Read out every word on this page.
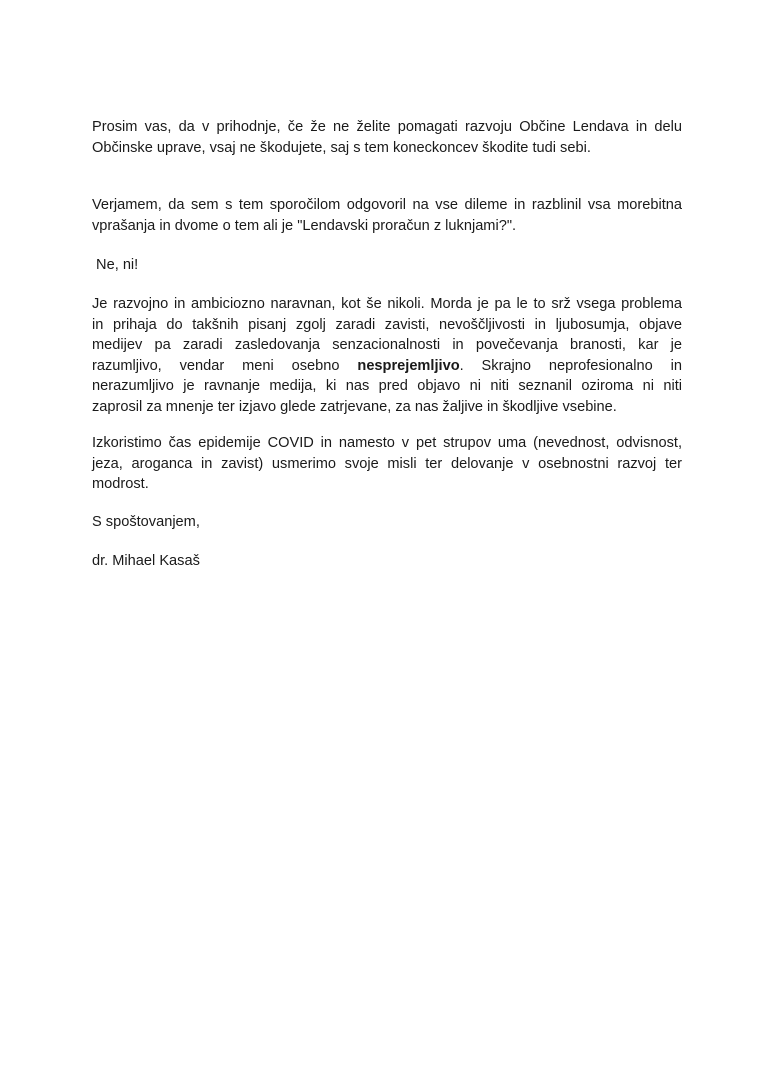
Prosim vas, da v prihodnje, če že ne želite pomagati razvoju Občine Lendava in delu
Občinske uprave, vsaj ne škodujete, saj s tem koneckoncev škodite tudi sebi.

Verjamem, da sem s tem sporočilom odgovoril na vse dileme in razblinil vsa morebitna
vprašanja in dvome o tem ali je "Lendavski proračun z luknjami?".

Ne, ni!

Je razvojno in ambiciozno naravnan, kot še nikoli. Morda je pa le to srž vsega problema
in prihaja do takšnih pisanj zgolj zaradi zavisti, nevoščljivosti in ljubosumja, objave
medijev pa zaradi zasledovanja senzacionalnosti in povečevanja branosti, kar je
razumljivo, vendar meni osebno nesprejemljivo. Skrajno neprofesionalno in
nerazumljivo je ravnanje medija, ki nas pred objavo ni niti seznanil oziroma ni niti
zaprosil za mnenje ter izjavo glede zatrjevane, za nas žaljive in škodljive vsebine.

Izkoristimo čas epidemije COVID in namesto v pet strupov uma (nevednost, odvisnost,
jeza, aroganca in zavist) usmerimo svoje misli ter delovanje v osebnostni razvoj ter
modrost.

S spoštovanjem,

dr. Mihael Kasaš
